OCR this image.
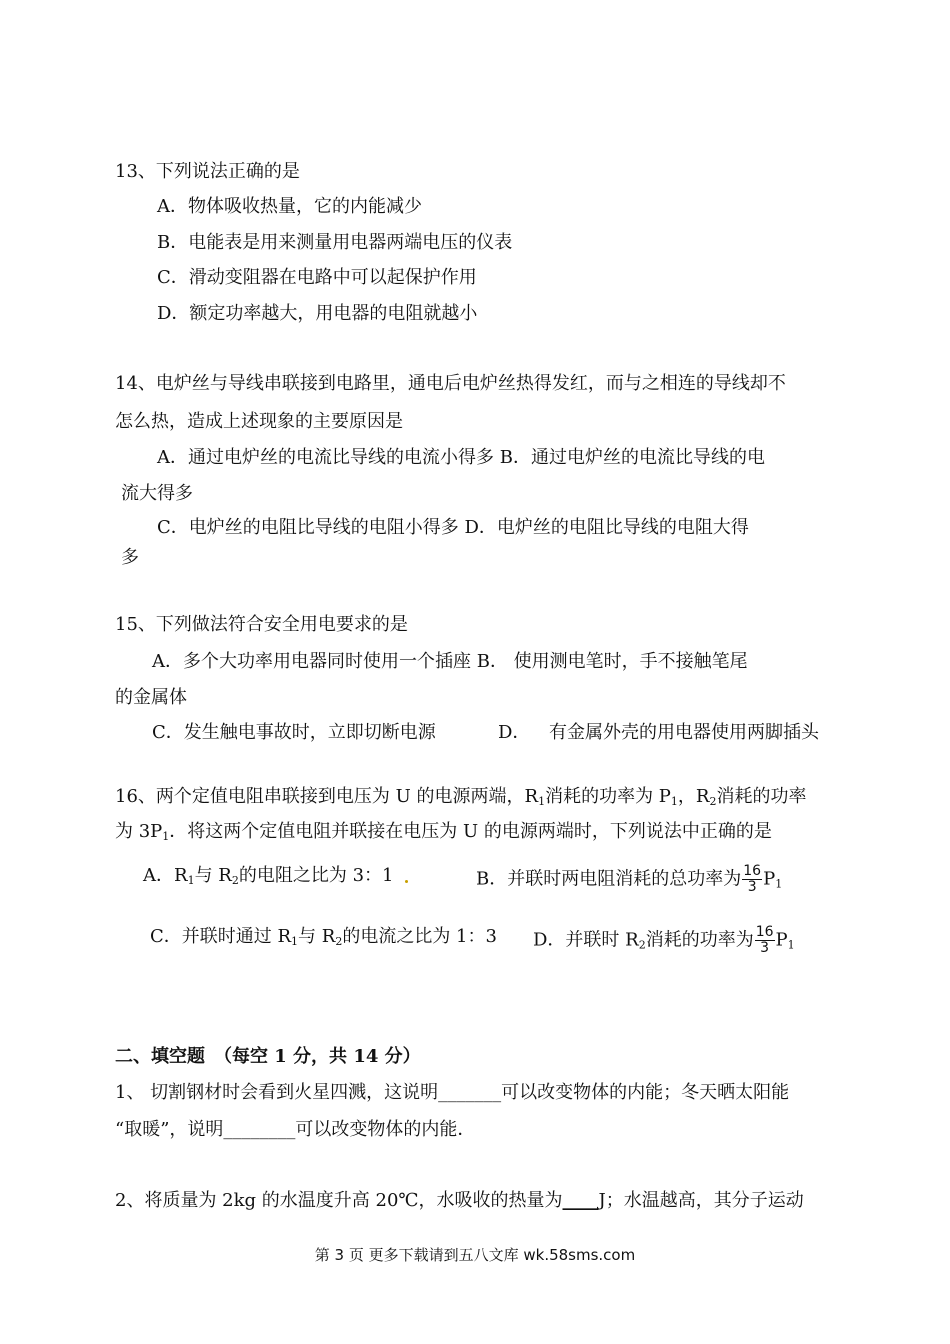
13、下列说法正确的是
A．物体吸收热量，它的内能减少
B．电能表是用来测量用电器两端电压的仪表
C．滑动变阻器在电路中可以起保护作用
D．额定功率越大，用电器的电阻就越小
14、电炉丝与导线串联接到电路里，通电后电炉丝热得发红，而与之相连的导线却不
怎么热，造成上述现象的主要原因是
A．通过电炉丝的电流比导线的电流小得多 B．通过电炉丝的电流比导线的电
流大得多
C．电炉丝的电阻比导线的电阻小得多 D．电炉丝的电阻比导线的电阻大得
多
15、下列做法符合安全用电要求的是
A．多个大功率用电器同时使用一个插座 B． 使用测电笔时，手不接触笔尾
的金属体
C．发生触电事故时，立即切断电源	D． 有金属外壳的用电器使用两脚插头
16、两个定值电阻串联接到电压为 U 的电源两端，$R_1$消耗的功率为 $P_1$，$R_2$消耗的功率
为 $3P_1$．将这两个定值电阻并联接在电压为 U 的电源两端时，下列说法中正确的是
A．$R_1$与 $R_2$的电阻之比为 3：1	B．并联时两电阻消耗的总功率为 $\frac{16}{3} P_1$
C．并联时通过 $R_1$与 $R_2$的电流之比为 1：3 D．并联时 $R_2$消耗的功率为 $\frac{16}{3} P_1$
二、填空题　（每空 1 分，共 14 分）
1、 切割钢材时会看到火星四溅，这说明_______可以改变物体的内能；冬天晒太阳能
“取暖”，说明________可以改变物体的内能．
2、将质量为 2kg 的水温度升高 20℃，水吸收的热量为____J；水温越高，其分子运动
第 3 页 更多下载请到五八文库 wk.58sms.com
